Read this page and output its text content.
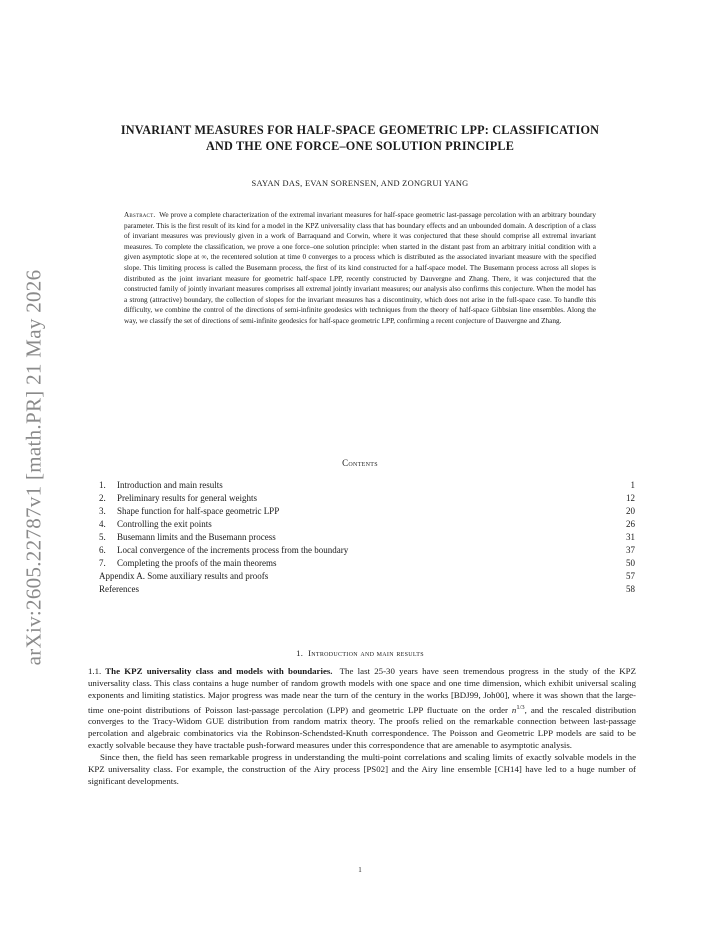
arXiv:2605.22787v1 [math.PR] 21 May 2026
INVARIANT MEASURES FOR HALF-SPACE GEOMETRIC LPP: CLASSIFICATION
AND THE ONE FORCE–ONE SOLUTION PRINCIPLE
SAYAN DAS, EVAN SORENSEN, AND ZONGRUI YANG
Abstract. We prove a complete characterization of the extremal invariant measures for half-space geometric last-passage percolation with an arbitrary boundary parameter. This is the first result of its kind for a model in the KPZ universality class that has boundary effects and an unbounded domain. A description of a class of invariant measures was previously given in a work of Barraquand and Corwin, where it was conjectured that these should comprise all extremal invariant measures. To complete the classification, we prove a one force–one solution principle: when started in the distant past from an arbitrary initial condition with a given asymptotic slope at ∞, the recentered solution at time 0 converges to a process which is distributed as the associated invariant measure with the specified slope. This limiting process is called the Busemann process, the first of its kind constructed for a half-space model. The Busemann process across all slopes is distributed as the joint invariant measure for geometric half-space LPP, recently constructed by Dauvergne and Zhang. There, it was conjectured that the constructed family of jointly invariant measures comprises all extremal jointly invariant measures; our analysis also confirms this conjecture. When the model has a strong (attractive) boundary, the collection of slopes for the invariant measures has a discontinuity, which does not arise in the full-space case. To handle this difficulty, we combine the control of the directions of semi-infinite geodesics with techniques from the theory of half-space Gibbsian line ensembles. Along the way, we classify the set of directions of semi-infinite geodesics for half-space geometric LPP, confirming a recent conjecture of Dauvergne and Zhang.
Contents
1.	Introduction and main results	1
2.	Preliminary results for general weights	12
3.	Shape function for half-space geometric LPP	20
4.	Controlling the exit points	26
5.	Busemann limits and the Busemann process	31
6.	Local convergence of the increments process from the boundary	37
7.	Completing the proofs of the main theorems	50
Appendix A. Some auxiliary results and proofs	57
References	58
1. Introduction and main results

1.1. The KPZ universality class and models with boundaries. The last 25-30 years have seen tremendous progress in the study of the KPZ universality class. This class contains a huge number of random growth models with one space and one time dimension, which exhibit universal scaling exponents and limiting statistics. Major progress was made near the turn of the century in the works [BDJ99, Joh00], where it was shown that the large-time one-point distributions of Poisson last-passage percolation (LPP) and geometric LPP fluctuate on the order $n^{1/3}$, and the rescaled distribution converges to the Tracy-Widom GUE distribution from random matrix theory. The proofs relied on the remarkable connection between last-passage percolation and algebraic combinatorics via the Robinson-Schendsted-Knuth correspondence. The Poisson and Geometric LPP models are said to be exactly solvable because they have tractable push-forward measures under this correspondence that are amenable to asymptotic analysis.

Since then, the field has seen remarkable progress in understanding the multi-point correlations and scaling limits of exactly solvable models in the KPZ universality class. For example, the construction of the Airy process [PS02] and the Airy line ensemble [CH14] have led to a huge number of significant developments.

1
